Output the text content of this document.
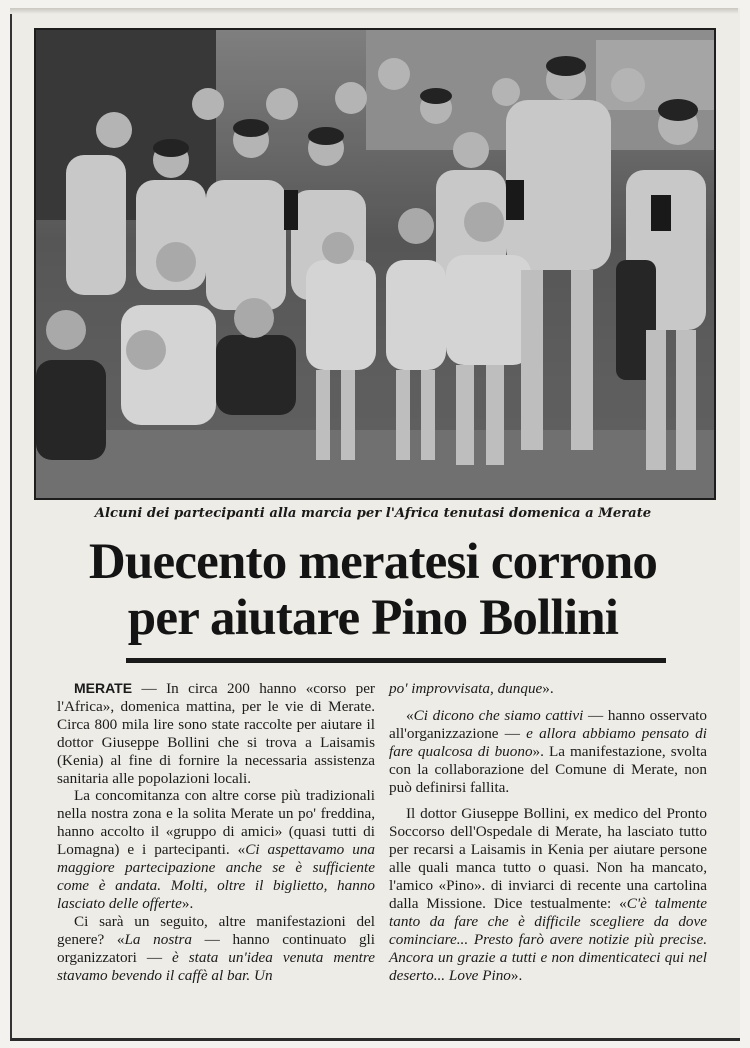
Alcuni dei partecipanti alla marcia per l'Africa tenutasi domenica a Merate
Duecento meratesi corrono
per aiutare Pino Bollini

MERATE — In circa 200 hanno «corso per l'Africa», domenica mattina, per le vie di Merate. Circa 800 mila lire sono state raccolte per aiutare il dottor Giuseppe Bollini che si trova a Laisamis (Kenia) al fine di fornire la necessaria assistenza sanitaria alle popolazioni locali.

La concomitanza con altre corse più tradizionali nella nostra zona e la solita Merate un po' freddina, hanno accolto il «gruppo di amici» (quasi tutti di Lomagna) e i partecipanti. «Ci aspettavamo una maggiore partecipazione anche se è sufficiente come è andata. Molti, oltre il biglietto, hanno lasciato delle offerte».

Ci sarà un seguito, altre manifestazioni del genere? «La nostra — hanno continuato gli organizzatori — è stata un'idea venuta mentre stavamo bevendo il caffè al bar. Un

po' improvvisata, dunque».

«Ci dicono che siamo cattivi — hanno osservato all'organizzazione — e allora abbiamo pensato di fare qualcosa di buono». La manifestazione, svolta con la collaborazione del Comune di Merate, non può definirsi fallita.

Il dottor Giuseppe Bollini, ex medico del Pronto Soccorso dell'Ospedale di Merate, ha lasciato tutto per recarsi a Laisamis in Kenia per aiutare persone alle quali manca tutto o quasi. Non ha mancato, l'amico «Pino». di inviarci di recente una cartolina dalla Missione. Dice testualmente: «C'è talmente tanto da fare che è difficile scegliere da dove cominciare... Presto farò avere notizie più precise. Ancora un grazie a tutti e non dimenticateci qui nel deserto... Love Pino».
